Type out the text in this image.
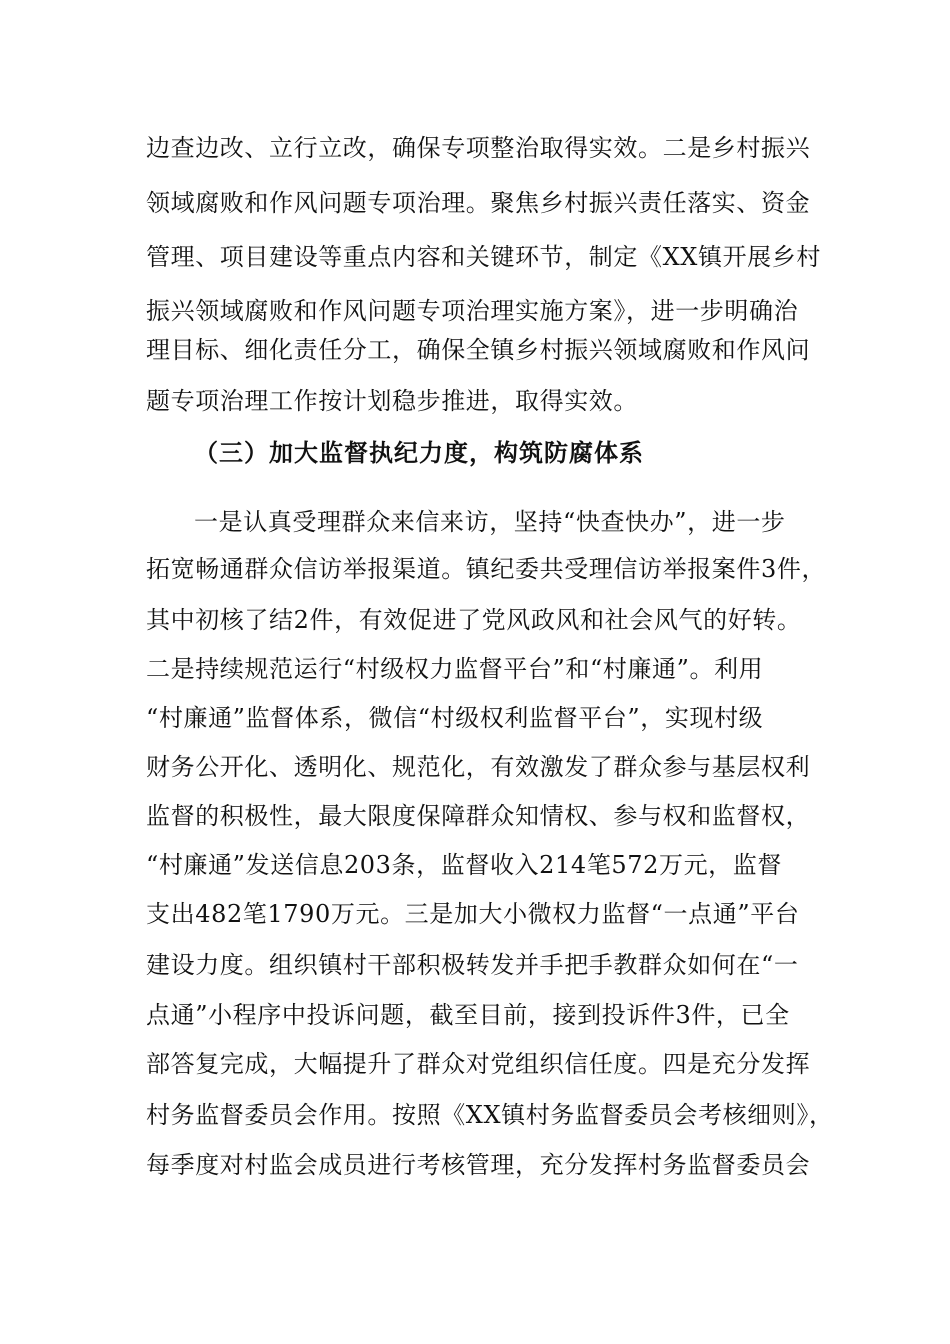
边查边改、立行立改，确保专项整治取得实效。二是乡村振兴
领域腐败和作风问题专项治理。聚焦乡村振兴责任落实、资金
管理、项目建设等重点内容和关键环节，制定《XX镇开展乡村
振兴领域腐败和作风问题专项治理实施方案》，进一步明确治
理目标、细化责任分工，确保全镇乡村振兴领域腐败和作风问
题专项治理工作按计划稳步推进，取得实效。
（三）加大监督执纪力度，构筑防腐体系
一是认真受理群众来信来访，坚持“快查快办”，进一步
拓宽畅通群众信访举报渠道。镇纪委共受理信访举报案件3件，
其中初核了结2件，有效促进了党风政风和社会风气的好转。
二是持续规范运行“村级权力监督平台”和“村廉通”。利用
“村廉通”监督体系，微信“村级权利监督平台”，实现村级
财务公开化、透明化、规范化，有效激发了群众参与基层权利
监督的积极性，最大限度保障群众知情权、参与权和监督权，
“村廉通”发送信息203条，监督收入214笔572万元，监督
支出482笔1790万元。三是加大小微权力监督“一点通”平台
建设力度。组织镇村干部积极转发并手把手教群众如何在“一
点通”小程序中投诉问题，截至目前，接到投诉件3件，已全
部答复完成，大幅提升了群众对党组织信任度。四是充分发挥
村务监督委员会作用。按照《XX镇村务监督委员会考核细则》，
每季度对村监会成员进行考核管理，充分发挥村务监督委员会
